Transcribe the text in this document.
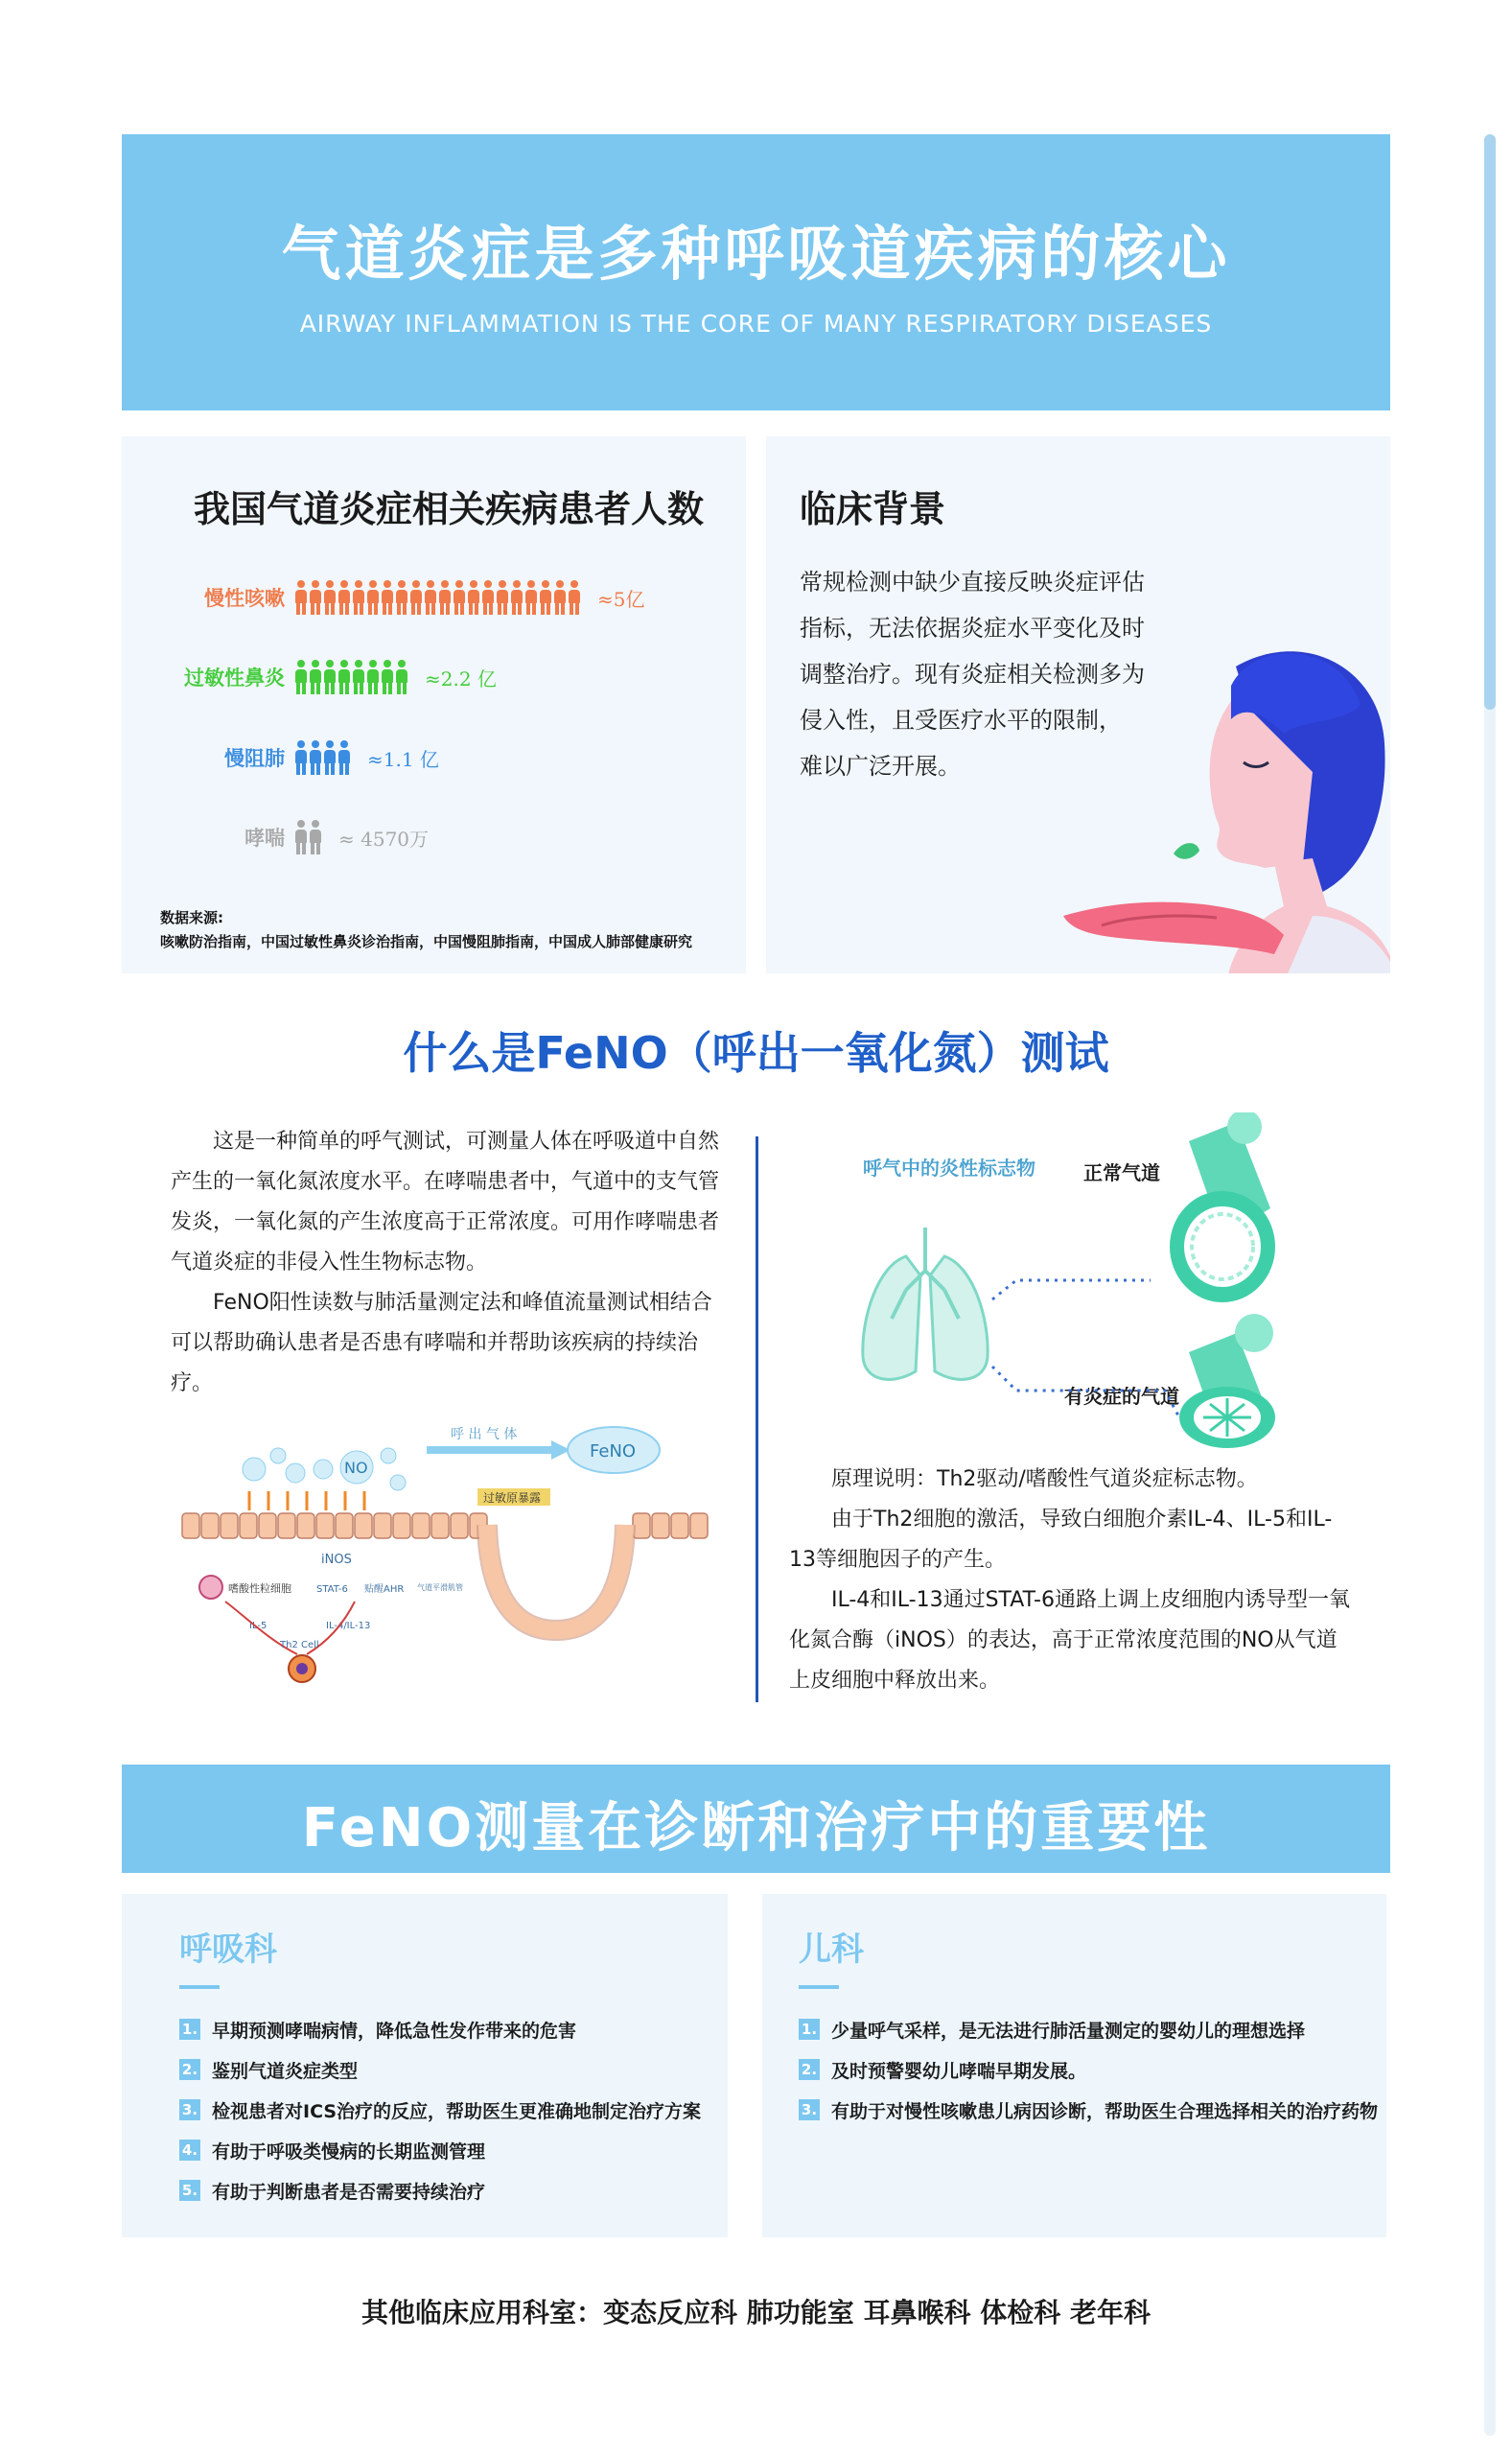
气道炎症是多种呼吸道疾病的核心
AIRWAY INFLAMMATION IS THE CORE OF MANY RESPIRATORY DISEASES
我国气道炎症相关疾病患者人数
慢性咳嗽	≈5亿
过敏性鼻炎	≈2.2 亿
慢阻肺	≈1.1 亿
哮喘	≈ 4570万
数据来源:
咳嗽防治指南，中国过敏性鼻炎诊治指南，中国慢阻肺指南，中国成人肺部健康研究
临床背景
常规检测中缺少直接反映炎症评估指标，无法依据炎症水平变化及时调整治疗。现有炎症相关检测多为侵入性，且受医疗水平的限制， 难以广泛开展。
什么是FeNO（呼出一氧化氮）测试

这是一种简单的呼气测试，可测量人体在呼吸道中自然产生的一氧化氮浓度水平。在哮喘患者中，气道中的支气管发炎，一氧化氮的产生浓度高于正常浓度。可用作哮喘患者气道炎症的非侵入性生物标志物。

FeNO阳性读数与肺活量测定法和峰值流量测试相结合可以帮助确认患者是否患有哮喘和并帮助该疾病的持续治疗。

呼 出 气 体
FeNO
NO
过敏原暴露
iNOS
嗜酸性粒细胞	STAT-6 贴醒AHR 气道平滑肌管
IL-5	IL-4/IL-13
Th2 Cell
呼气中的炎性标志物	正常气道
有炎症的气道

原理说明：Th2驱动/嗜酸性气道炎症标志物。

由于Th2细胞的激活，导致白细胞介素IL-4、IL-5和IL-13等细胞因子的产生。

IL-4和IL-13通过STAT-6通路上调上皮细胞内诱导型一氧化氮合酶（iNOS）的表达，高于正常浓度范围的NO从气道上皮细胞中释放出来。

FeNO测量在诊断和治疗中的重要性
呼吸科
1. 早期预测哮喘病情，降低急性发作带来的危害
2. 鉴别气道炎症类型
3. 检视患者对ICS治疗的反应，帮助医生更准确地制定治疗方案
4. 有助于呼吸类慢病的长期监测管理
5. 有助于判断患者是否需要持续治疗
儿科
1. 少量呼气采样，是无法进行肺活量测定的婴幼儿的理想选择
2. 及时预警婴幼儿哮喘早期发展。
3. 有助于对慢性咳嗽患儿病因诊断，帮助医生合理选择相关的治疗药物
其他临床应用科室：变态反应科 肺功能室 耳鼻喉科 体检科 老年科
